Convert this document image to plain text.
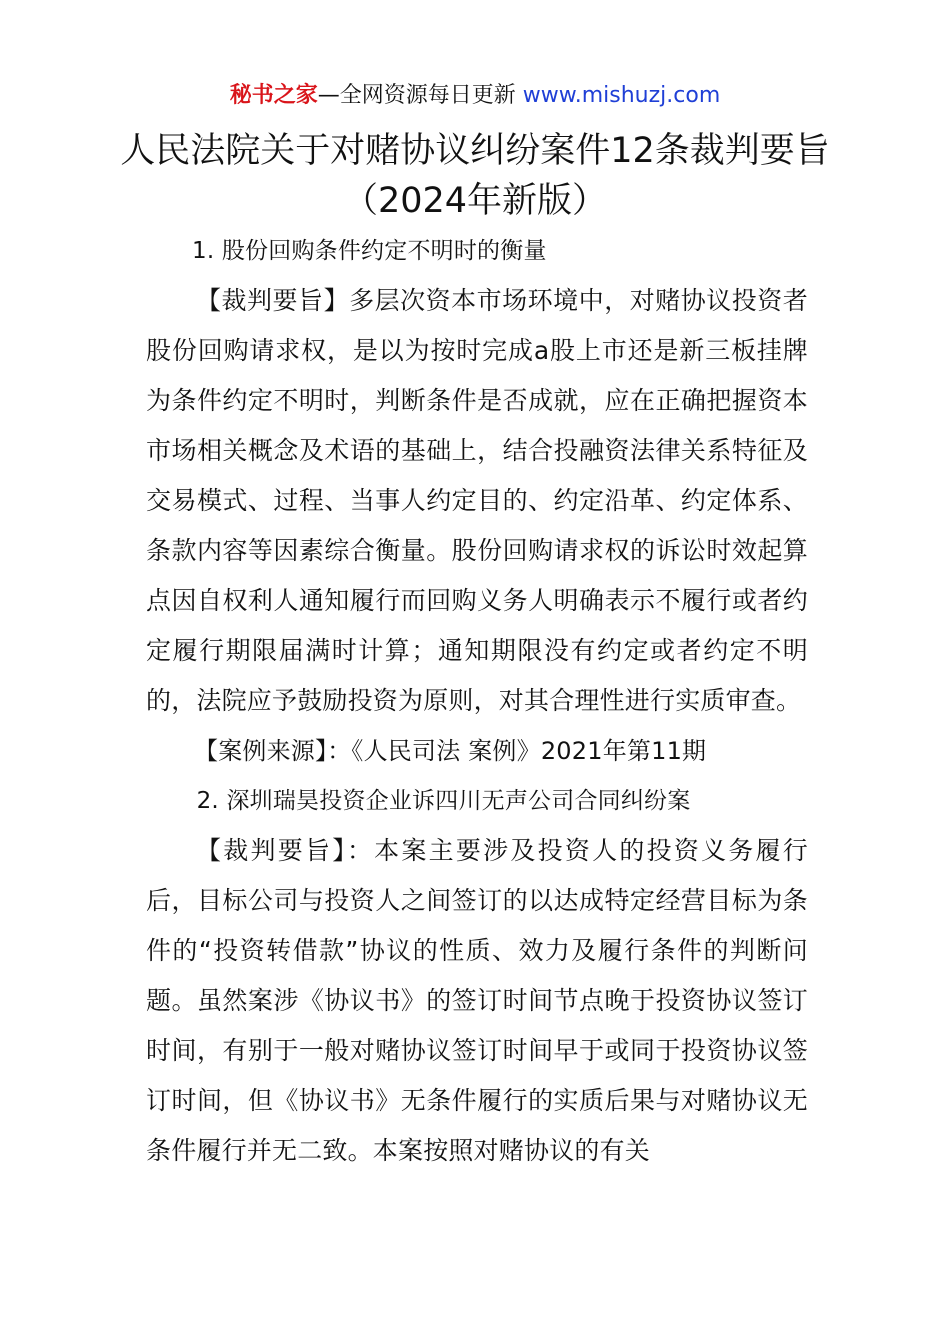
秘书之家—全网资源每日更新 www.mishuzj.com
人民法院关于对赌协议纠纷案件12条裁判要旨（2024年新版）

1. 股份回购条件约定不明时的衡量

【裁判要旨】多层次资本市场环境中，对赌协议投资者股份回购请求权，是以为按时完成a股上市还是新三板挂牌为条件约定不明时，判断条件是否成就，应在正确把握资本市场相关概念及术语的基础上，结合投融资法律关系特征及交易模式、过程、当事人约定目的、约定沿革、约定体系、条款内容等因素综合衡量。股份回购请求权的诉讼时效起算点因自权利人通知履行而回购义务人明确表示不履行或者约定履行期限届满时计算；通知期限没有约定或者约定不明的，法院应予鼓励投资为原则，对其合理性进行实质审查。

【案例来源】：《人民司法 案例》2021年第11期

2. 深圳瑞昊投资企业诉四川无声公司合同纠纷案

【裁判要旨】：本案主要涉及投资人的投资义务履行后，目标公司与投资人之间签订的以达成特定经营目标为条件的“投资转借款”协议的性质、效力及履行条件的判断问题。虽然案涉《协议书》的签订时间节点晚于投资协议签订时间，有别于一般对赌协议签订时间早于或同于投资协议签订时间，但《协议书》无条件履行的实质后果与对赌协议无条件履行并无二致。本案按照对赌协议的有关
